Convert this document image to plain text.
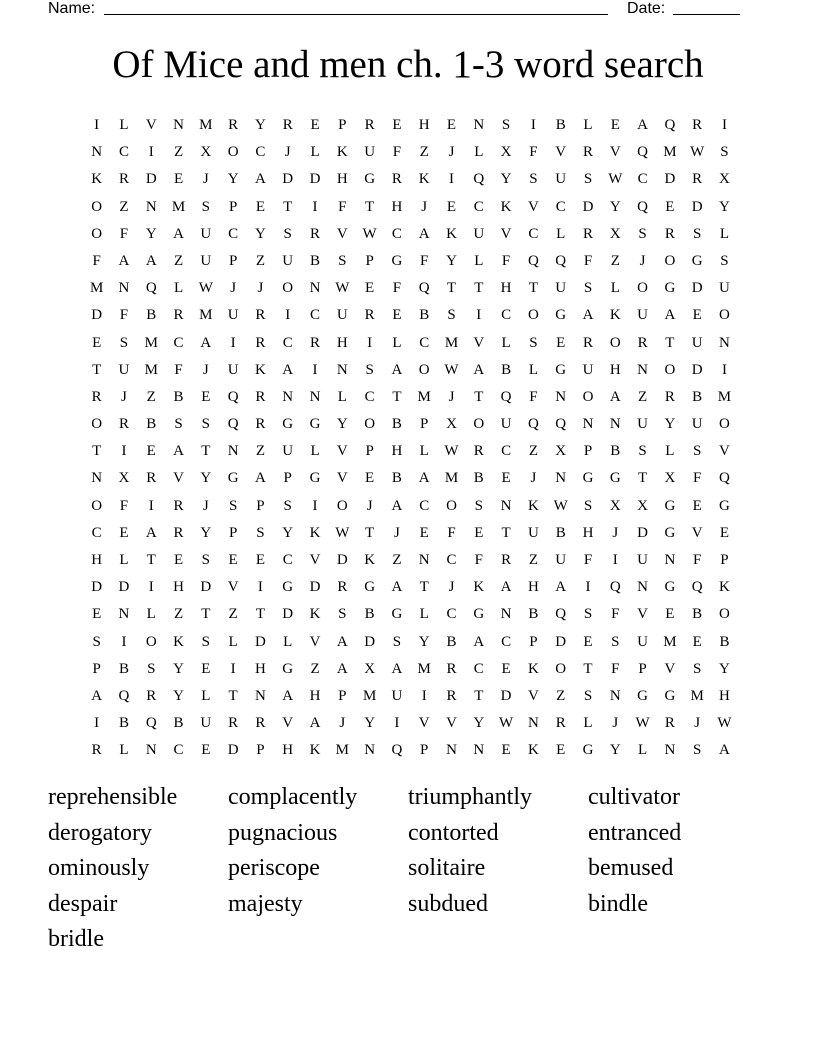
Name:	Date:
Of Mice and men ch. 1-3 word search
I	L	V	N	M	R	Y	R	E	P	R	E	H	E	N	S	I	B	L	E	A	Q	R	I
N	C	I	Z	X	O	C	J	L	K	U	F	Z	J	L	X	F	V	R	V	Q	M W	S
K	R	D	E	J	Y	A	D	D	H	G	R	K	I	Q	Y	S	U	S	W	C	D	R	X
O	Z	N	M	S	P	E	T	I	F	T	H	J	E	C	K	V	C	D	Y	Q	E	D	Y
O	F	Y	A	U	C	Y	S	R	V W	C	A	K	U	V	C	L	R	X	S	R	S	L
F	A	A	Z	U	P	Z	U	B	S	P	G	F	Y	L	F	Q	Q	F	Z	J	O	G	S
M	N	Q	L	W	J	J	O	N W	E	F	Q	T	T	H	T	U	S	L	O	G	D	U
D	F	B	R	M	U	R	I	C	U	R	E	B	S	I	C	O	G	A	K	U	A	E	O
E	S	M	C	A	I	R	C	R	H	I	L	C	M	V	L	S	E	R	O	R	T	U	N
T	U	M	F	J	U	K	A	I	N	S	A	O W A	B	L	G	U	H	N	O	D	I
R	J	Z	B	E	Q	R	N	N	L	C	T	M	J	T	Q	F	N	O	A	Z	R	B	M
O	R	B	S	S	Q	R	G	G	Y	O	B	P	X	O	U	Q	Q	N	N	U	Y	U	O
T	I	E	A	T	N	Z	U	L	V	P	H	L	W	R	C	Z	X	P	B	S	L	S	V
N	X	R	V	Y	G	A	P	G	V	E	B	A	M	B	E	J	N	G	G	T	X	F	Q
O	F	I	R	J	S	P	S	I	O	J	A	C	O	S	N	K W	S	X	X	G	E	G
C	E	A	R	Y	P	S	Y	K W	T	J	E	F	E	T	U	B	H	J	D	G	V	E
H	L	T	E	S	E	E	C	V	D	K	Z	N	C	F	R	Z	U	F	I	U	N	F	P
D	D	I	H	D	V	I	G	D	R	G	A	T	J	K	A	H	A	I	Q	N	G	Q	K
E	N	L	Z	T	Z	T	D	K	S	B	G	L	C	G	N	B	Q	S	F	V	E	B	O
S	I	O	K	S	L	D	L	V	A	D	S	Y	B	A	C	P	D	E	S	U	M	E	B
P	B	S	Y	E	I	H	G	Z	A	X	A	M	R	C	E	K	O	T	F	P	V	S	Y
A	Q	R	Y	L	T	N	A	H	P	M	U	I	R	T	D	V	Z	S	N	G	G	M	H
I	B	Q	B	U	R	R	V	A	J	Y	I	V	V	Y W N	R	L	J	W	R	J	W
R	L	N	C	E	D	P	H	K	M	N	Q	P	N	N	E	K	E	G	Y	L	N	S	A
reprehensible	complacently	triumphantly	cultivator
derogatory	pugnacious	contorted	entranced
ominously	periscope	solitaire	bemused
despair	majesty	subdued	bindle
bridle
